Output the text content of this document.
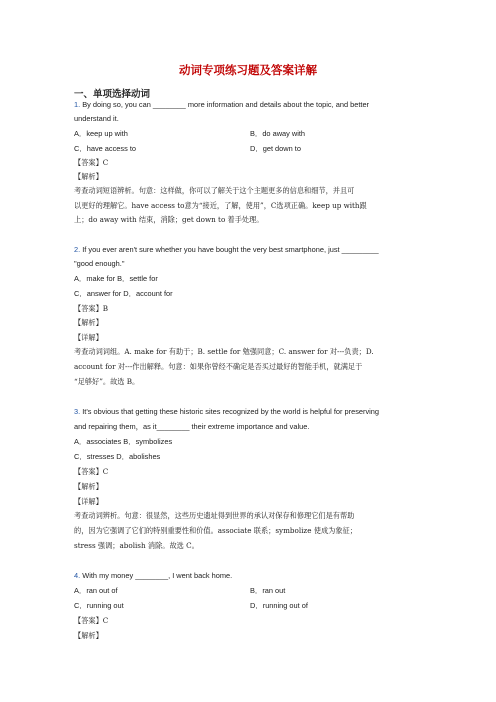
动词专项练习题及答案详解
一、单项选择动词
1. By doing so, you can ________ more information and details about the topic, and better
understand it.
A．keep up with	B．do away with
C．have access to	D．get down to
【答案】C
【解析】
考查动词短语辨析。句意：这样做，你可以了解关于这个主题更多的信息和细节，并且可
以更好的理解它。have access to意为“接近，了解，使用”，C选项正确。keep up with跟
上；do away with 结束，消除；get down to 着手处理。
2. If you ever aren't sure whether you have bought the very best smartphone, just _________
"good enough."
A．make for B．settle for
C．answer for D．account for
【答案】B
【解析】
【详解】
考查动词词组。A. make for 有助于；B. settle for 勉强同意；C. answer for 对---负责；D.
account for 对---作出解释。句意：如果你曾经不确定是否买过最好的智能手机，就满足于
“足够好”。故选 B。
3. It's obvious that getting these historic sites recognized by the world is helpful for preserving
and repairing them，as it________ their extreme importance and value.
A．associates B．symbolizes
C．stresses D．abolishes
【答案】C
【解析】
【详解】
考查动词辨析。句意：很显然，这些历史遗址得到世界的承认对保存和修理它们是有帮助
的，因为它强调了它们的特别重要性和价值。associate 联系；symbolize 使成为象征；
stress 强调；abolish 消除。故选 C。
4. With my money ________, I went back home.
A．ran out of	B．ran out
C．running out	D．running out of
【答案】C
【解析】
